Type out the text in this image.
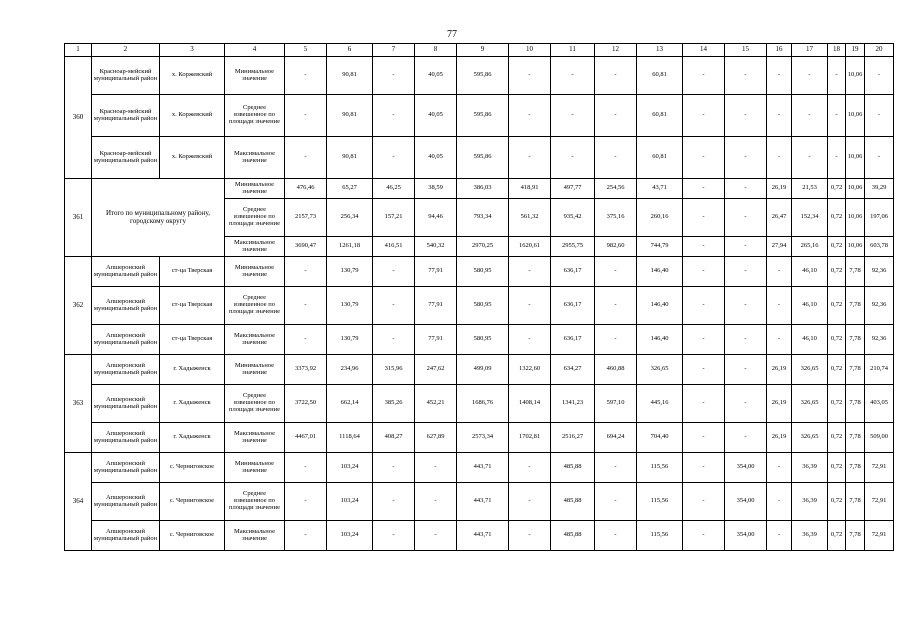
77
1	2	3	4	5	6	7	8	9	10	11	12	13	14	15	16	17	18	19	20
360	Красноар-мейский муниципальный район	х. Коржевский	Минимальное значение	-	90,81	-	40,05	595,86	-	-	-	60,81	-	-	-	-	-	10,06	-
	Красноар-мейский муниципальный район	х. Коржевский	Среднее взвешенное по площади значение	-	90,81	-	40,05	595,86	-	-	-	60,81	-	-	-	-	-	10,06	-
	Красноар-мейский муниципальный район	х. Коржевский	Максимальное значение	-	90,81	-	40,05	595,86	-	-	-	60,81	-	-	-	-	-	10,06	-
361	Итого по муниципальному району, городскому округу		Минимальное значение	476,46	65,27	46,25	38,59	386,03	418,91	497,77	254,56	43,71	-	-	26,19	21,53	0,72	10,06	39,29
			Среднее взвешенное по площади значение	2157,73	256,34	157,21	94,46	793,34	561,32	935,42	375,16	260,16	-	-	26,47	152,34	0,72	10,06	197,06
			Максимальное значение	3690,47	1261,18	416,51	540,32	2970,25	1620,61	2955,75	982,60	744,79	-	-	27,94	265,16	0,72	10,06	603,78
362	Апшеронский муниципальный район	ст-ца Тверская	Минимальное значение	-	130,79	-	77,91	580,95	-	636,17	-	146,40	-	-	-	46,10	0,72	7,78	92,36
	Апшеронский муниципальный район	ст-ца Тверская	Среднее взвешенное по площади значение	-	130,79	-	77,91	580,95	-	636,17	-	146,40	-	-	-	46,10	0,72	7,78	92,36
	Апшеронский муниципальный район	ст-ца Тверская	Максимальное значение	-	130,79	-	77,91	580,95	-	636,17	-	146,40	-	-	-	46,10	0,72	7,78	92,36
363	Апшеронский муниципальный район	г. Хадыженск	Минимальное значение	3373,92	234,96	315,96	247,62	499,09	1322,60	634,27	460,88	326,65	-	-	26,19	326,65	0,72	7,78	210,74
	Апшеронский муниципальный район	г. Хадыженск	Среднее взвешенное по площади значение	3722,50	662,14	385,26	452,21	1686,76	1408,14	1341,23	597,10	445,16	-	-	26,19	326,65	0,72	7,78	403,05
	Апшеронский муниципальный район	г. Хадыженск	Максимальное значение	4467,01	1118,64	408,27	627,89	2573,34	1702,81	2516,27	694,24	704,40	-	-	26,19	326,65	0,72	7,78	509,00
364	Апшеронский муниципальный район	с. Черниговское	Минимальное значение	-	103,24	-	-	443,71	-	485,88	-	115,56	-	354,00	-	36,39	0,72	7,78	72,91
	Апшеронский муниципальный район	с. Черниговское	Среднее взвешенное по площади значение	-	103,24	-	-	443,71	-	485,88	-	115,56	-	354,00	-	36,39	0,72	7,78	72,91
	Апшеронский муниципальный район	с. Черниговское	Максимальное значение	-	103,24	-	-	443,71	-	485,88	-	115,56	-	354,00	-	36,39	0,72	7,78	72,91
